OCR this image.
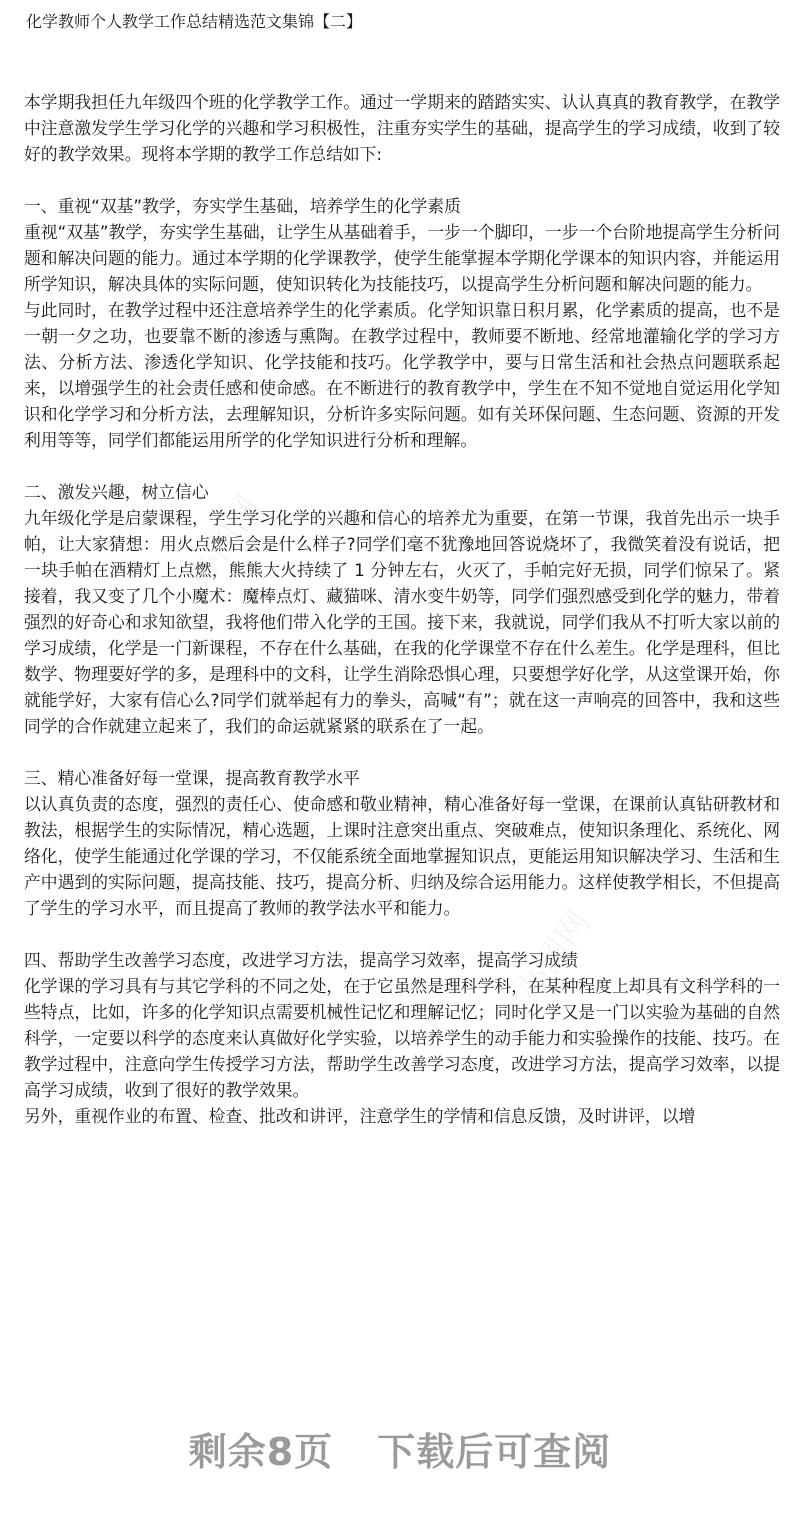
化学教师个人教学工作总结精选范文集锦【二】

本学期我担任九年级四个班的化学教学工作。通过一学期来的踏踏实实、认认真真的教育教学，在教学中注意激发学生学习化学的兴趣和学习积极性，注重夯实学生的基础，提高学生的学习成绩，收到了较好的教学效果。现将本学期的教学工作总结如下:

一、重视“双基”教学，夯实学生基础，培养学生的化学素质

重视“双基”教学，夯实学生基础，让学生从基础着手，一步一个脚印，一步一个台阶地提高学生分析问题和解决问题的能力。通过本学期的化学课教学，使学生能掌握本学期化学课本的知识内容，并能运用所学知识，解决具体的实际问题，使知识转化为技能技巧，以提高学生分析问题和解决问题的能力。

与此同时，在教学过程中还注意培养学生的化学素质。化学知识靠日积月累，化学素质的提高，也不是一朝一夕之功，也要靠不断的渗透与熏陶。在教学过程中，教师要不断地、经常地灌输化学的学习方法、分析方法、渗透化学知识、化学技能和技巧。化学教学中，要与日常生活和社会热点问题联系起来，以增强学生的社会责任感和使命感。在不断进行的教育教学中，学生在不知不觉地自觉运用化学知识和化学学习和分析方法，去理解知识，分析许多实际问题。如有关环保问题、生态问题、资源的开发利用等等，同学们都能运用所学的化学知识进行分析和理解。

二、激发兴趣，树立信心

九年级化学是启蒙课程，学生学习化学的兴趣和信心的培养尤为重要，在第一节课，我首先出示一块手帕，让大家猜想：用火点燃后会是什么样子?同学们毫不犹豫地回答说烧坏了，我微笑着没有说话，把一块手帕在酒精灯上点燃，熊熊大火持续了 1 分钟左右，火灭了，手帕完好无损，同学们惊呆了。紧接着，我又变了几个小魔术：魔棒点灯、藏猫咪、清水变牛奶等，同学们强烈感受到化学的魅力，带着强烈的好奇心和求知欲望，我将他们带入化学的王国。接下来，我就说，同学们我从不打听大家以前的学习成绩，化学是一门新课程，不存在什么基础，在我的化学课堂不存在什么差生。化学是理科，但比数学、物理要好学的多，是理科中的文科，让学生消除恐惧心理，只要想学好化学，从这堂课开始，你就能学好，大家有信心么?同学们就举起有力的拳头，高喊“有”；就在这一声响亮的回答中，我和这些同学的合作就建立起来了，我们的命运就紧紧的联系在了一起。

三、精心准备好每一堂课，提高教育教学水平

以认真负责的态度，强烈的责任心、使命感和敬业精神，精心准备好每一堂课，在课前认真钻研教材和教法，根据学生的实际情况，精心选题，上课时注意突出重点、突破难点，使知识条理化、系统化、网络化，使学生能通过化学课的学习，不仅能系统全面地掌握知识点，更能运用知识解决学习、生活和生产中遇到的实际问题，提高技能、技巧，提高分析、归纳及综合运用能力。这样使教学相长，不但提高了学生的学习水平，而且提高了教师的教学法水平和能力。

四、帮助学生改善学习态度，改进学习方法，提高学习效率，提高学习成绩

化学课的学习具有与其它学科的不同之处，在于它虽然是理科学科，在某种程度上却具有文科学科的一些特点，比如，许多的化学知识点需要机械性记忆和理解记忆；同时化学又是一门以实验为基础的自然科学，一定要以科学的态度来认真做好化学实验，以培养学生的动手能力和实验操作的技能、技巧。在教学过程中，注意向学生传授学习方法，帮助学生改善学习态度，改进学习方法，提高学习效率，以提高学习成绩，收到了很好的教学效果。

另外，重视作业的布置、检查、批改和讲评，注意学生的学情和信息反馈，及时讲评，以增

办图网	办图网
办图网
剩余8页 下载后可查阅
